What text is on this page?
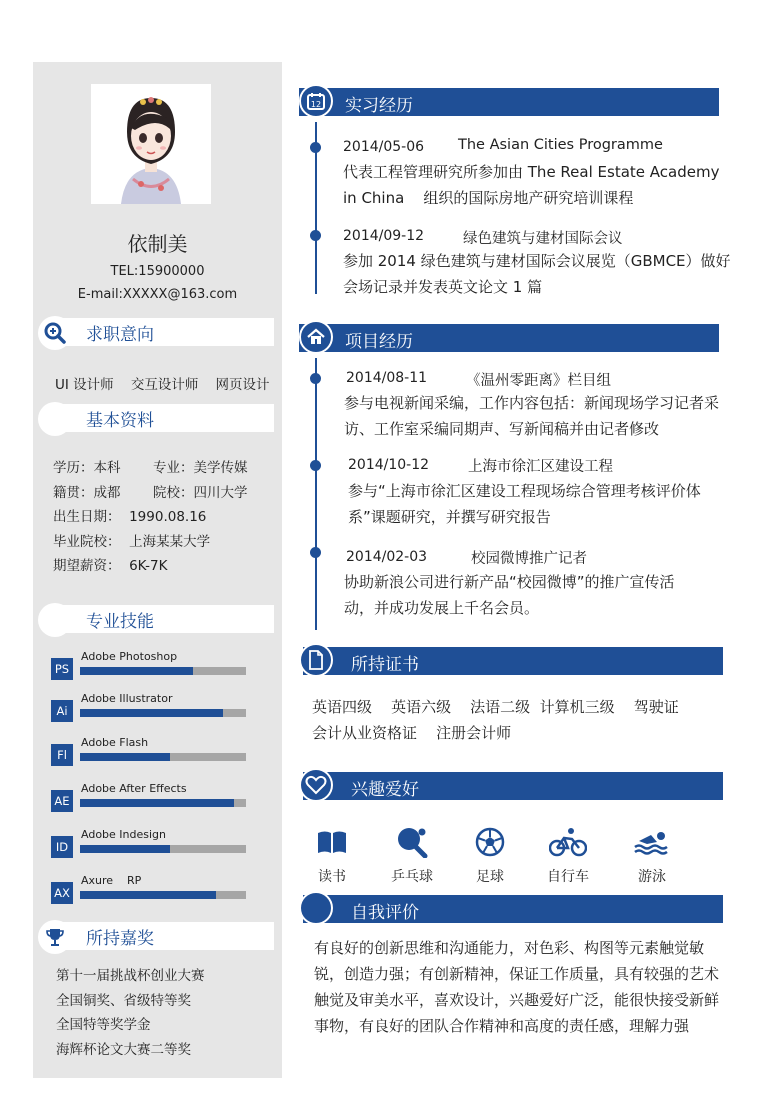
依制美
TEL:15900000
E-mail:XXXXX@163.com
求职意向
UI 设计师    交互设计师    网页设计
基本资料
学历：本科 专业：美学传媒
籍贯：成都 院校：四川大学
出生日期：  1990.08.16
毕业院校：  上海某某大学
期望薪资：  6K-7K
专业技能
PS
Adobe Photoshop
Ai
Adobe Illustrator
Fl
Adobe Flash
AE
Adobe After Effects
ID
Adobe Indesign
AX
Axure    RP
所持嘉奖
第十一届挑战杯创业大赛
全国铜奖、省级特等奖
全国特等奖学金
海辉杯论文大赛二等奖
12 实习经历
2014/05-06 The Asian Cities Programme
代表工程管理研究所参加由 The Real Estate Academy
in China    组织的国际房地产研究培训课程
2014/09-12	绿色建筑与建材国际会议
参加 2014 绿色建筑与建材国际会议展览（GBMCE）做好
会场记录并发表英文论文 1 篇
项目经历
2014/08-11	《温州零距离》栏目组
参与电视新闻采编，工作内容包括：新闻现场学习记者采
访、工作室采编同期声、写新闻稿并由记者修改
2014/10-12	上海市徐汇区建设工程
参与“上海市徐汇区建设工程现场综合管理考核评价体
系”课题研究，并撰写研究报告
2014/02-03	校园微博推广记者
协助新浪公司进行新产品“校园微博”的推广宣传活
动，并成功发展上千名会员。
所持证书
英语四级    英语六级    法语二级  计算机三级    驾驶证
会计从业资格证    注册会计师
兴趣爱好
读书	乒乓球	足球	自行车	游泳
自我评价
有良好的创新思维和沟通能力，对色彩、构图等元素触觉敏
锐，创造力强；有创新精神，保证工作质量，具有较强的艺术
触觉及审美水平，喜欢设计，兴趣爱好广泛，能很快接受新鲜
事物，有良好的团队合作精神和高度的责任感，理解力强
